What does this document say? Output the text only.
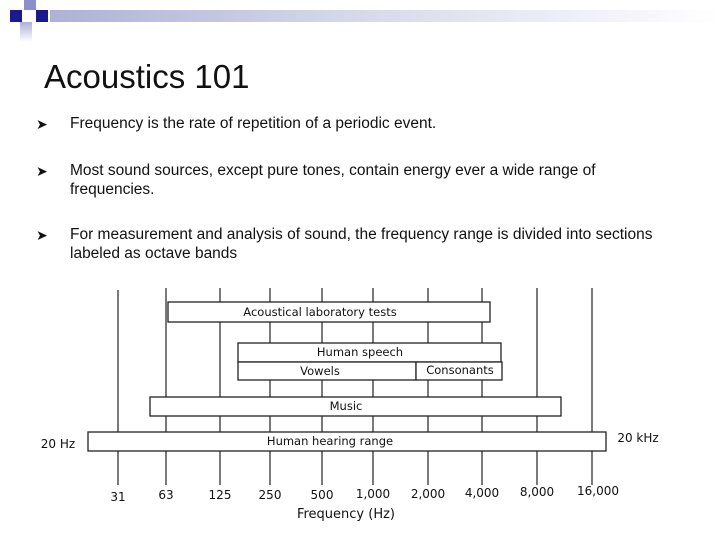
Acoustics 101
➤ Frequency is the rate of repetition of a periodic event.
➤ Most sound sources, except pure tones, contain energy ever a wide range of frequencies.
➤ For measurement and analysis of sound, the frequency range is divided into sections labeled as octave bands
Acoustical laboratory tests
Human speech
Vowels	Consonants
Music
Human hearing range
20 Hz	20 kHz
31	63	125 250 500 1,000 2,000 4,000 8,000 16,000
Frequency (Hz)
